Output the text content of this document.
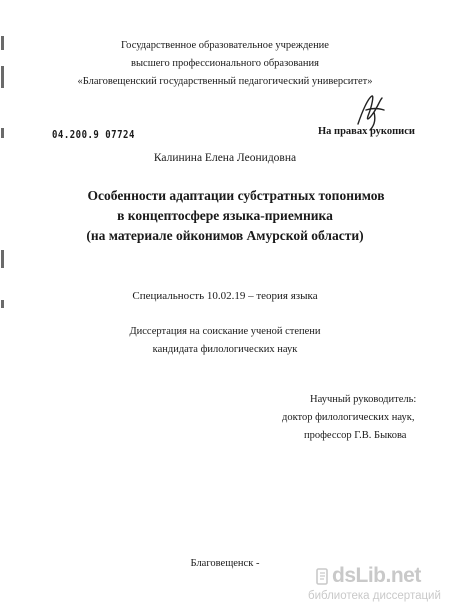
Государственное образовательное учреждение
высшего профессионального образования
«Благовещенский государственный педагогический университет»
04.200.9 07724	На правах рукописи
Калинина Елена Леонидовна
Особенности адаптации субстратных топонимов
в концептосфере языка-приемника
(на материале ойконимов Амурской области)
Специальность 10.02.19 – теория языка
Диссертация на соискание ученой степени
кандидата филологических наук
Научный руководитель:
доктор филологических наук,
профессор Г.В. Быкова
Благовещенск -
dsLib.net
библиотека диссертаций
